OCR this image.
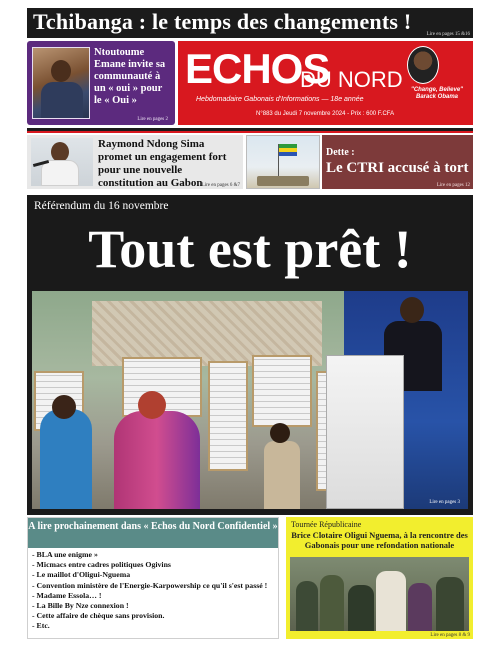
Tchibanga : le temps des changements !
Lire en pages 15 &16
Ntoutoume Emane invite sa communauté à un « oui » pour le « Oui »
Lire en pages 2
ECHOS
DU NORD
Hebdomadaire Gabonais d'Informations — 18e année
N°883 du Jeudi 7 novembre 2024 - Prix : 600 F.CFA
"Change, Believe"
Barack Obama
Raymond Ndong Sima promet un engagement fort pour une nouvelle constitution au Gabon Lire en pages 6 &7
Dette :
Le CTRI accusé à tort !
Lire en pages 12
Référendum du 16 novembre
Tout est prêt !
Lire en pages 3
A lire prochainement dans « Echos du Nord Confidentiel »
- BLA une enigme »
- Micmacs entre cadres politiques Ogivins
- Le maillot d'Oligui-Nguema
- Convention ministère de l'Energie-Karpowership ce qu'il s'est passé !
- Madame Essola… !
- La Bille By Nze connexion !
- Cette affaire de chèque sans provision.
- Etc.
Tournée Républicaine
Brice Clotaire Oligui Nguema, à la rencontre des Gabonais pour une refondation nationale
Lire en pages 8 & 9
